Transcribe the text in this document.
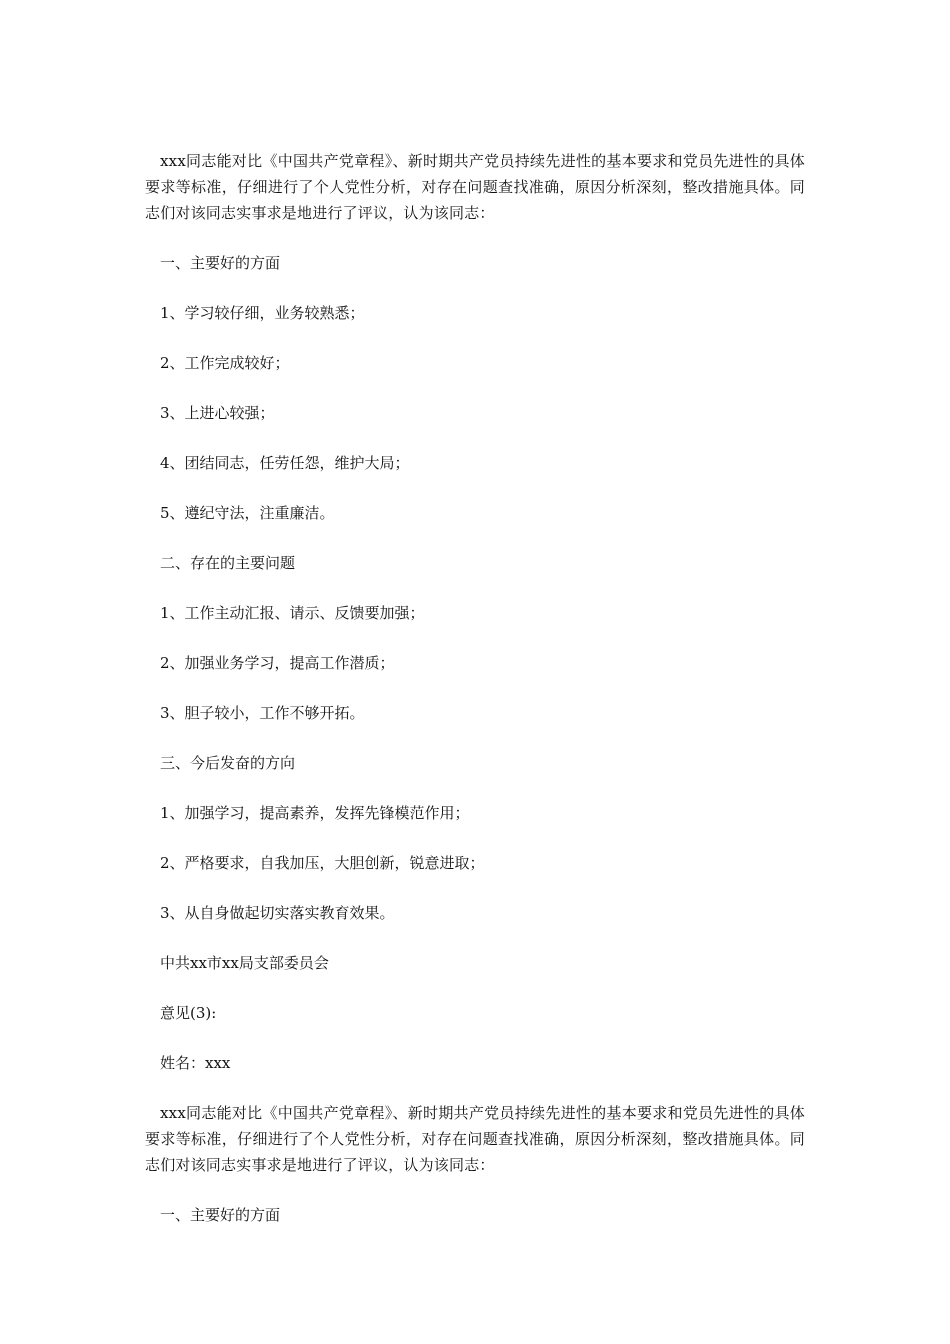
xxx同志能对比《中国共产党章程》、新时期共产党员持续先进性的基本要求和党员先进性的具体要求等标准，仔细进行了个人党性分析，对存在问题查找准确，原因分析深刻，整改措施具体。同志们对该同志实事求是地进行了评议，认为该同志：

一、主要好的方面

1、学习较仔细，业务较熟悉；

2、工作完成较好；

3、上进心较强；

4、团结同志，任劳任怨，维护大局；

5、遵纪守法，注重廉洁。

二、存在的主要问题

1、工作主动汇报、请示、反馈要加强；

2、加强业务学习，提高工作潜质；

3、胆子较小，工作不够开拓。

三、今后发奋的方向

1、加强学习，提高素养，发挥先锋模范作用；

2、严格要求，自我加压，大胆创新，锐意进取；

3、从自身做起切实落实教育效果。

中共xx市xx局支部委员会

意见(3):

姓名：xxx

xxx同志能对比《中国共产党章程》、新时期共产党员持续先进性的基本要求和党员先进性的具体要求等标准，仔细进行了个人党性分析，对存在问题查找准确，原因分析深刻，整改措施具体。同志们对该同志实事求是地进行了评议，认为该同志：

一、主要好的方面
